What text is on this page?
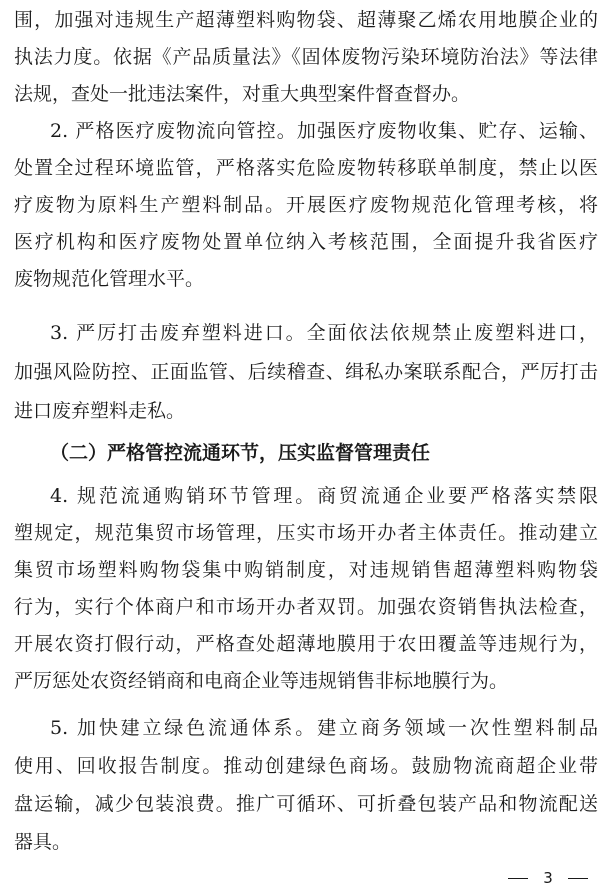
围，加强对违规生产超薄塑料购物袋、超薄聚乙烯农用地膜企业的
执法力度。依据《产品质量法》《固体废物污染环境防治法》等法律
法规，查处一批违法案件，对重大典型案件督查督办。
2. 严格医疗废物流向管控。加强医疗废物收集、贮存、运输、
处置全过程环境监管，严格落实危险废物转移联单制度，禁止以医
疗废物为原料生产塑料制品。开展医疗废物规范化管理考核，将
医疗机构和医疗废物处置单位纳入考核范围，全面提升我省医疗
废物规范化管理水平。
3. 严厉打击废弃塑料进口。全面依法依规禁止废塑料进口，
加强风险防控、正面监管、后续稽查、缉私办案联系配合，严厉打击
进口废弃塑料走私。
（二）严格管控流通环节，压实监督管理责任
4. 规范流通购销环节管理。商贸流通企业要严格落实禁限
塑规定，规范集贸市场管理，压实市场开办者主体责任。推动建立
集贸市场塑料购物袋集中购销制度，对违规销售超薄塑料购物袋
行为，实行个体商户和市场开办者双罚。加强农资销售执法检查，
开展农资打假行动，严格查处超薄地膜用于农田覆盖等违规行为，
严厉惩处农资经销商和电商企业等违规销售非标地膜行为。
5. 加快建立绿色流通体系。建立商务领域一次性塑料制品
使用、回收报告制度。推动创建绿色商场。鼓励物流商超企业带
盘运输，减少包装浪费。推广可循环、可折叠包装产品和物流配送
器具。
3
